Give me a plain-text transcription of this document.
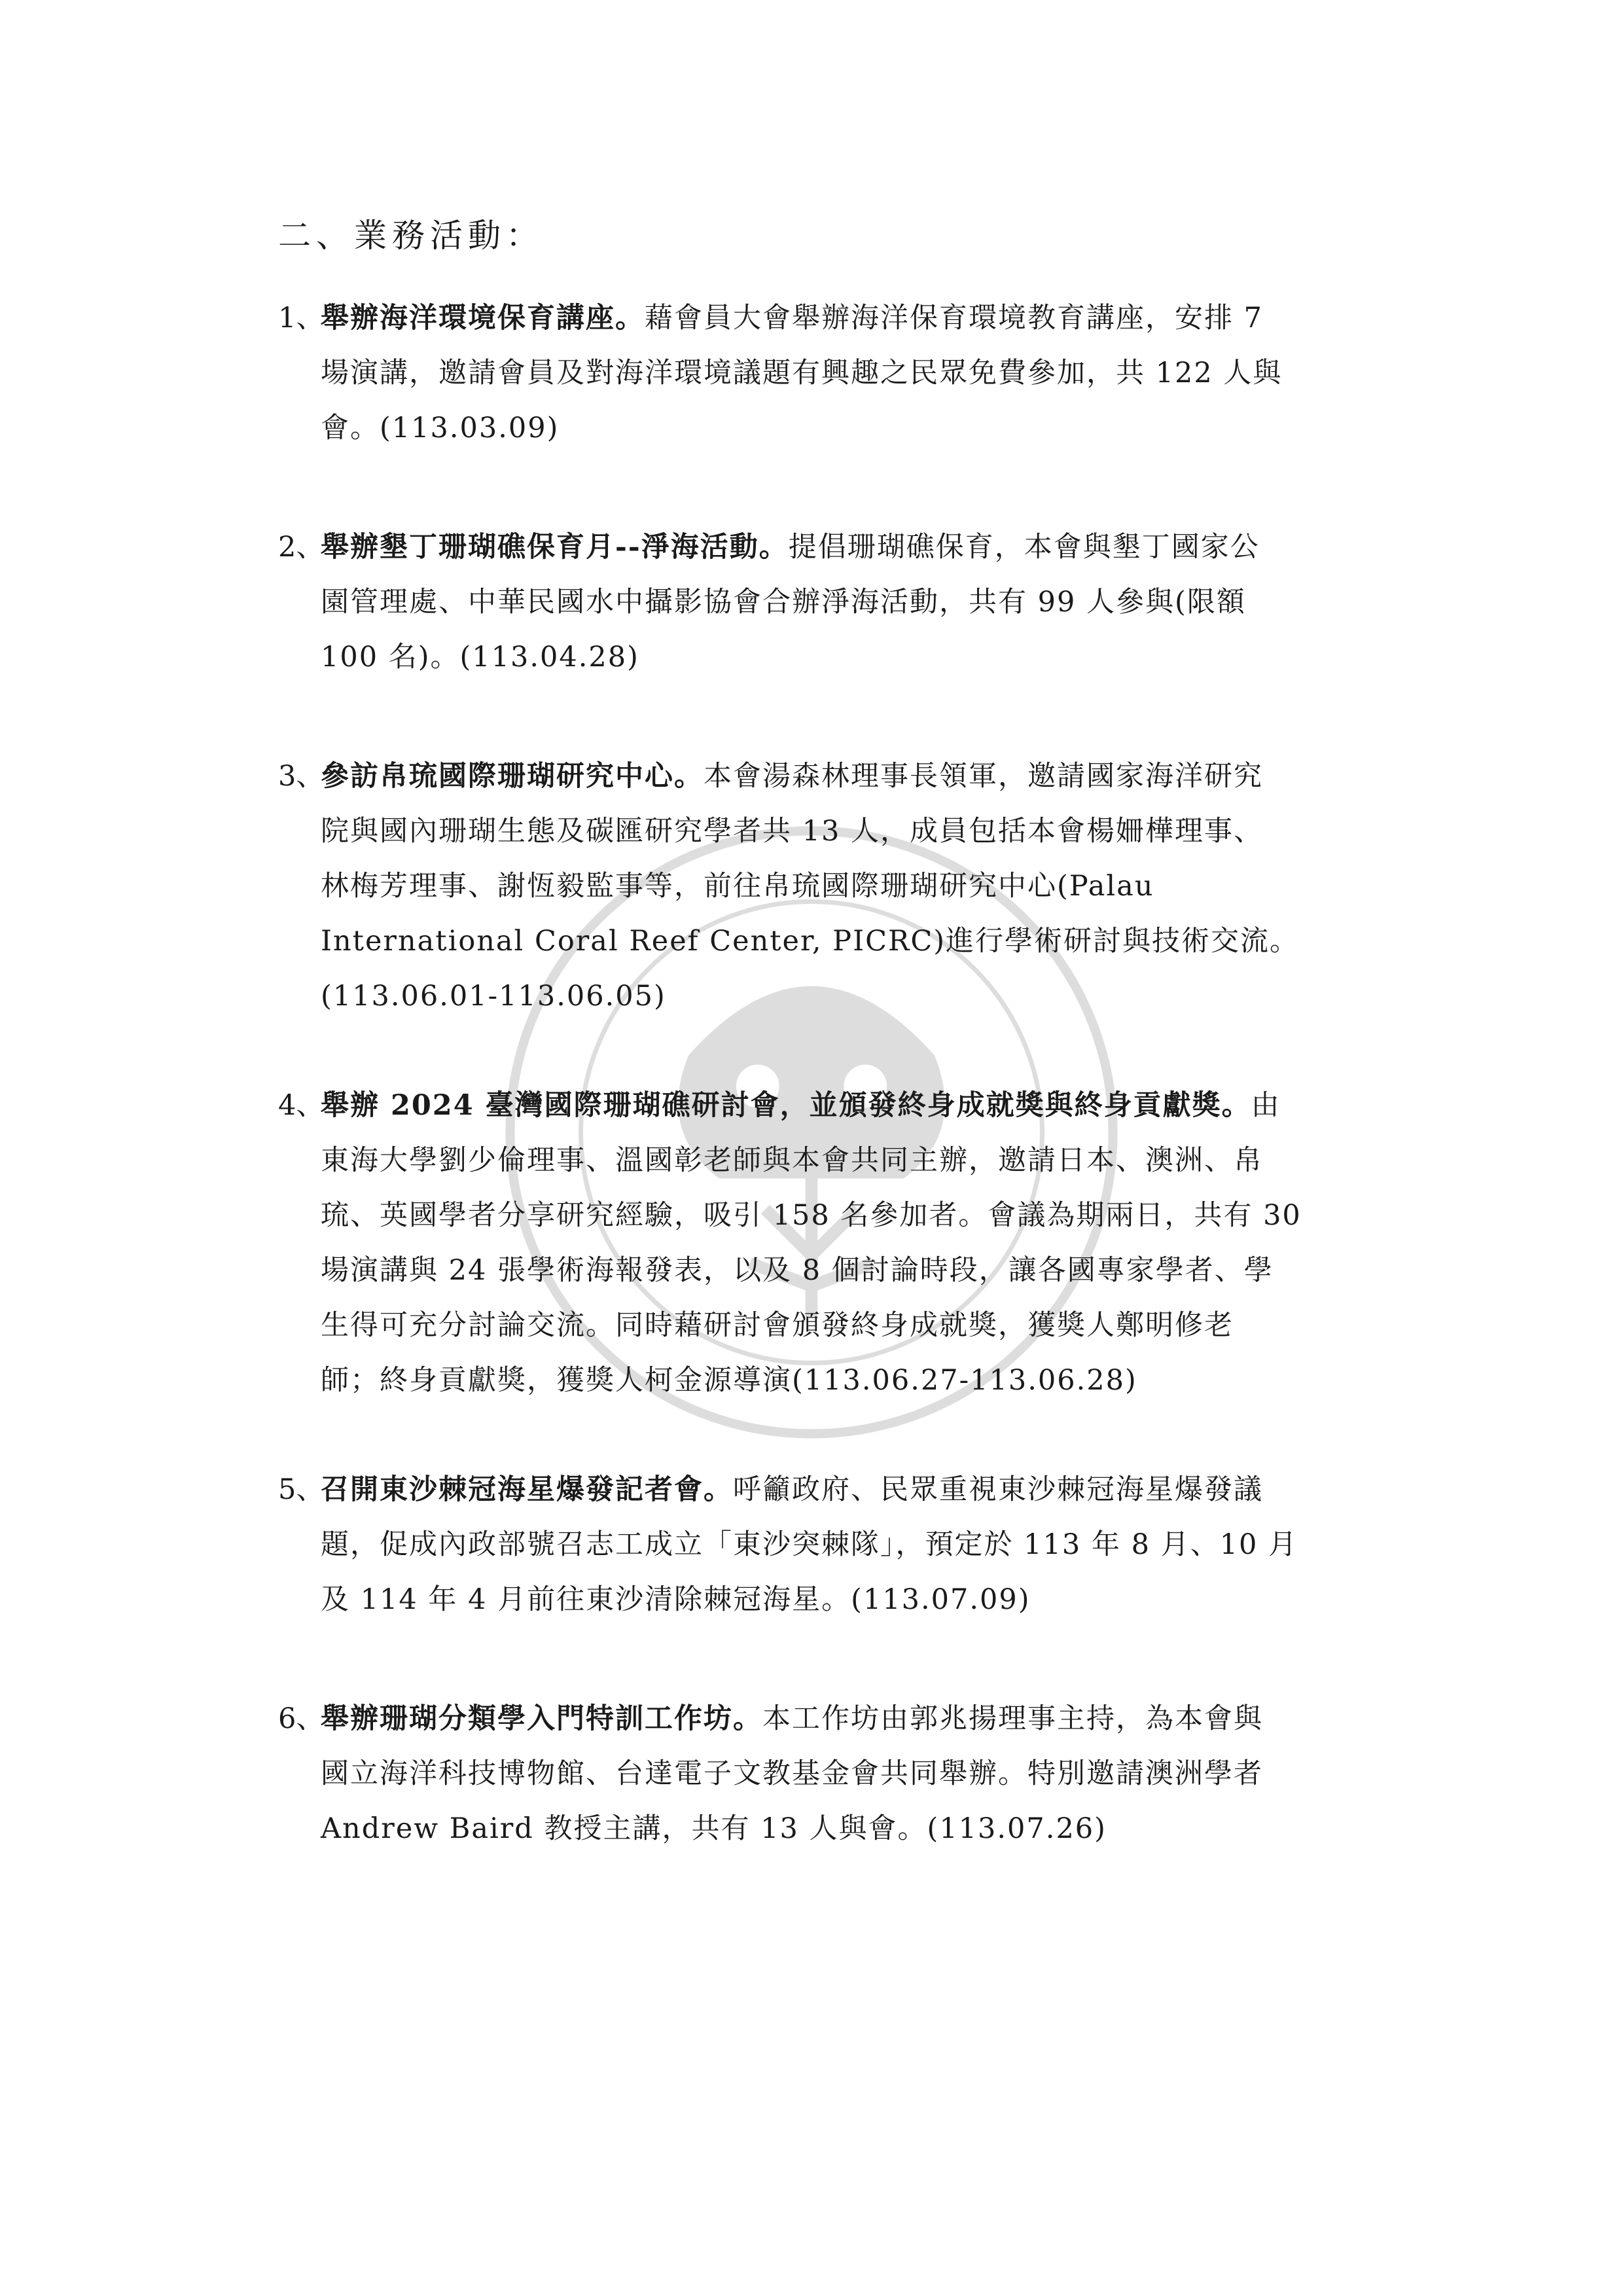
二、業務活動：
1、舉辦海洋環境保育講座。藉會員大會舉辦海洋保育環境教育講座，安排 7
場演講，邀請會員及對海洋環境議題有興趣之民眾免費參加，共 122 人與
會。(113.03.09)
2、舉辦墾丁珊瑚礁保育月--淨海活動。提倡珊瑚礁保育，本會與墾丁國家公
園管理處、中華民國水中攝影協會合辦淨海活動，共有 99 人參與(限額
100 名)。(113.04.28)
3、參訪帛琉國際珊瑚研究中心。本會湯森林理事長領軍，邀請國家海洋研究
院與國內珊瑚生態及碳匯研究學者共 13 人，成員包括本會楊姍樺理事、
林梅芳理事、謝恆毅監事等，前往帛琉國際珊瑚研究中心(Palau
International Coral Reef Center, PICRC)進行學術研討與技術交流。
(113.06.01-113.06.05)
4、舉辦 2024 臺灣國際珊瑚礁研討會，並頒發終身成就獎與終身貢獻獎。由
東海大學劉少倫理事、溫國彰老師與本會共同主辦，邀請日本、澳洲、帛
琉、英國學者分享研究經驗，吸引 158 名參加者。會議為期兩日，共有 30
場演講與 24 張學術海報發表，以及 8 個討論時段，讓各國專家學者、學
生得可充分討論交流。同時藉研討會頒發終身成就獎，獲獎人鄭明修老
師；終身貢獻獎，獲獎人柯金源導演(113.06.27-113.06.28)
5、召開東沙棘冠海星爆發記者會。呼籲政府、民眾重視東沙棘冠海星爆發議
題，促成內政部號召志工成立「東沙突棘隊」，預定於 113 年 8 月、10 月
及 114 年 4 月前往東沙清除棘冠海星。(113.07.09)
6、舉辦珊瑚分類學入門特訓工作坊。本工作坊由郭兆揚理事主持，為本會與
國立海洋科技博物館、台達電子文教基金會共同舉辦。特別邀請澳洲學者
Andrew Baird 教授主講，共有 13 人與會。(113.07.26)
